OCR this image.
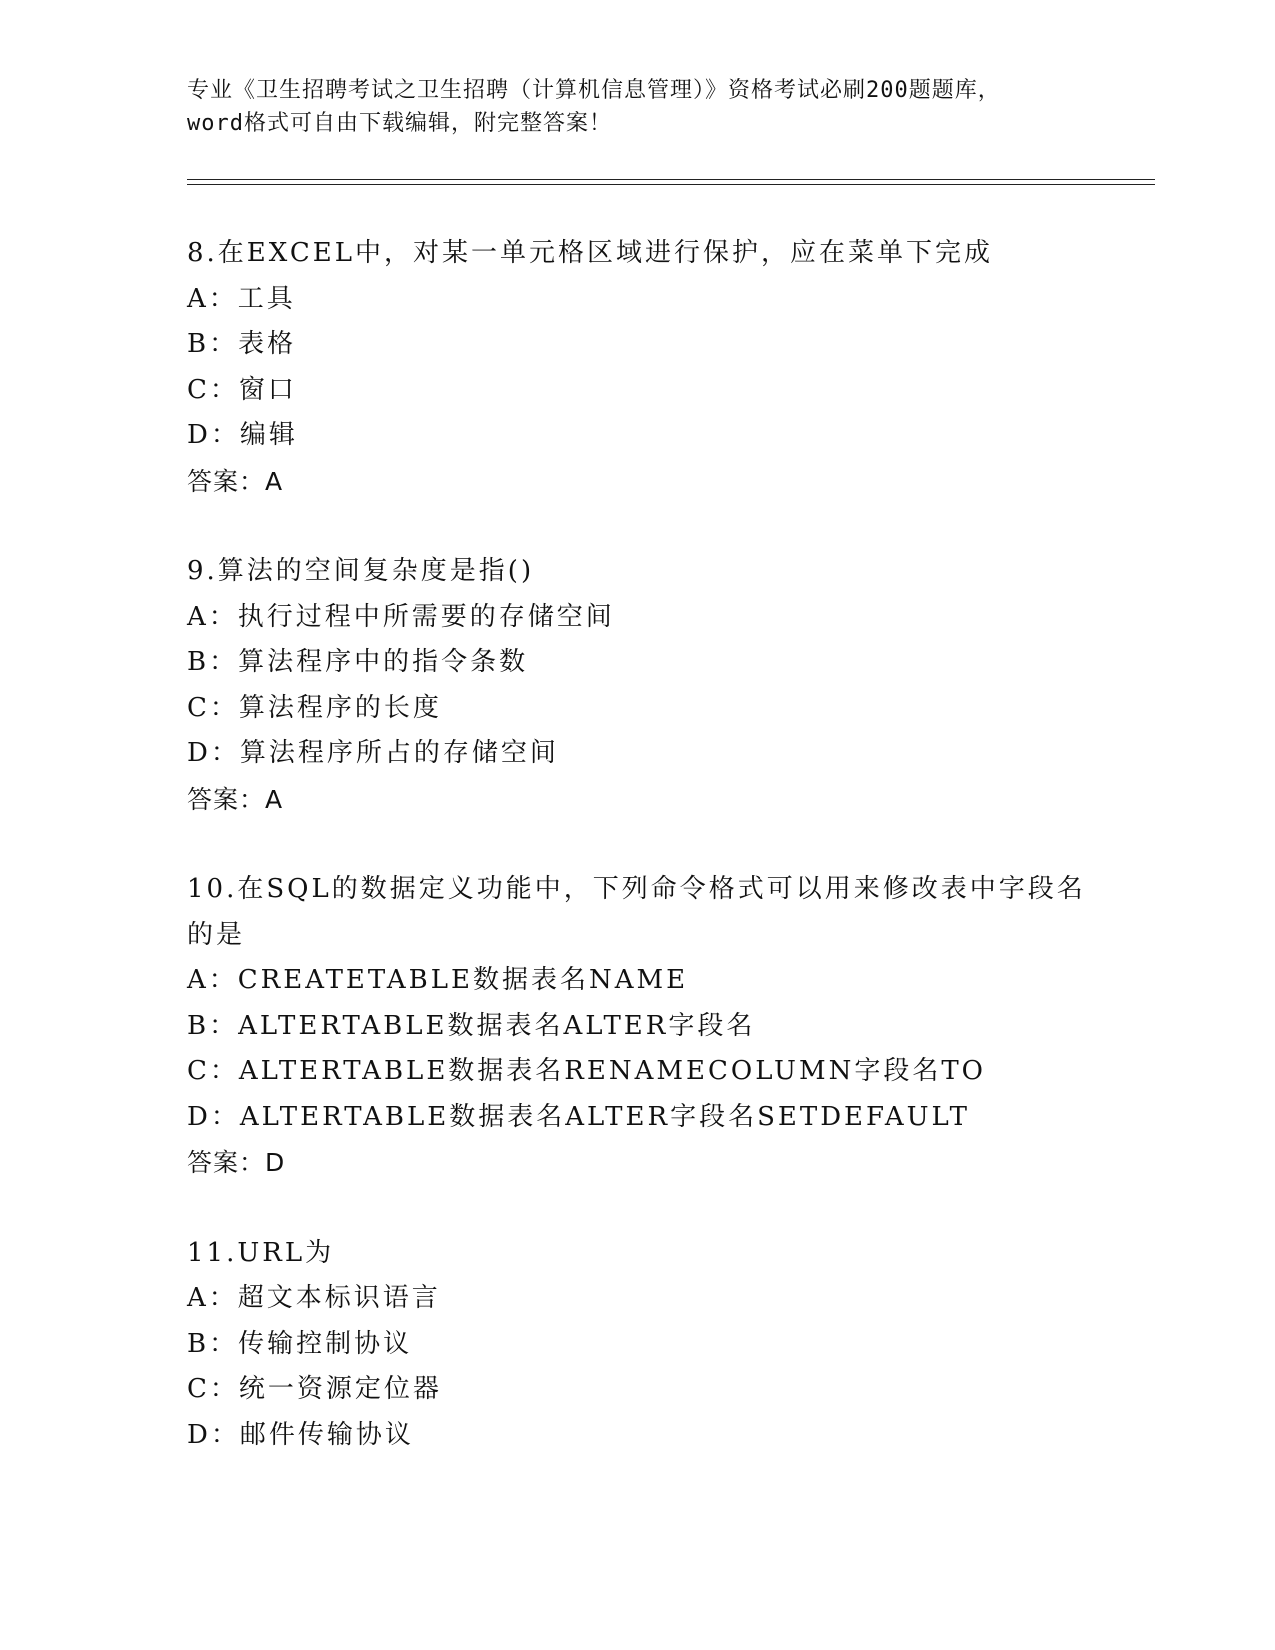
专业《卫生招聘考试之卫生招聘（计算机信息管理）》资格考试必刷200题题库，

word格式可自由下载编辑，附完整答案！

8.在EXCEL中，对某一单元格区域进行保护，应在菜单下完成
A：工具
B：表格
C：窗口
D：编辑
答案：A
9.算法的空间复杂度是指()
A：执行过程中所需要的存储空间
B：算法程序中的指令条数
C：算法程序的长度
D：算法程序所占的存储空间
答案：A
10.在SQL的数据定义功能中，下列命令格式可以用来修改表中字段名
的是
A：CREATETABLE数据表名NAME
B：ALTERTABLE数据表名ALTER字段名
C：ALTERTABLE数据表名RENAMECOLUMN字段名TO
D：ALTERTABLE数据表名ALTER字段名SETDEFAULT
答案：D
11.URL为
A：超文本标识语言
B：传输控制协议
C：统一资源定位器
D：邮件传输协议
